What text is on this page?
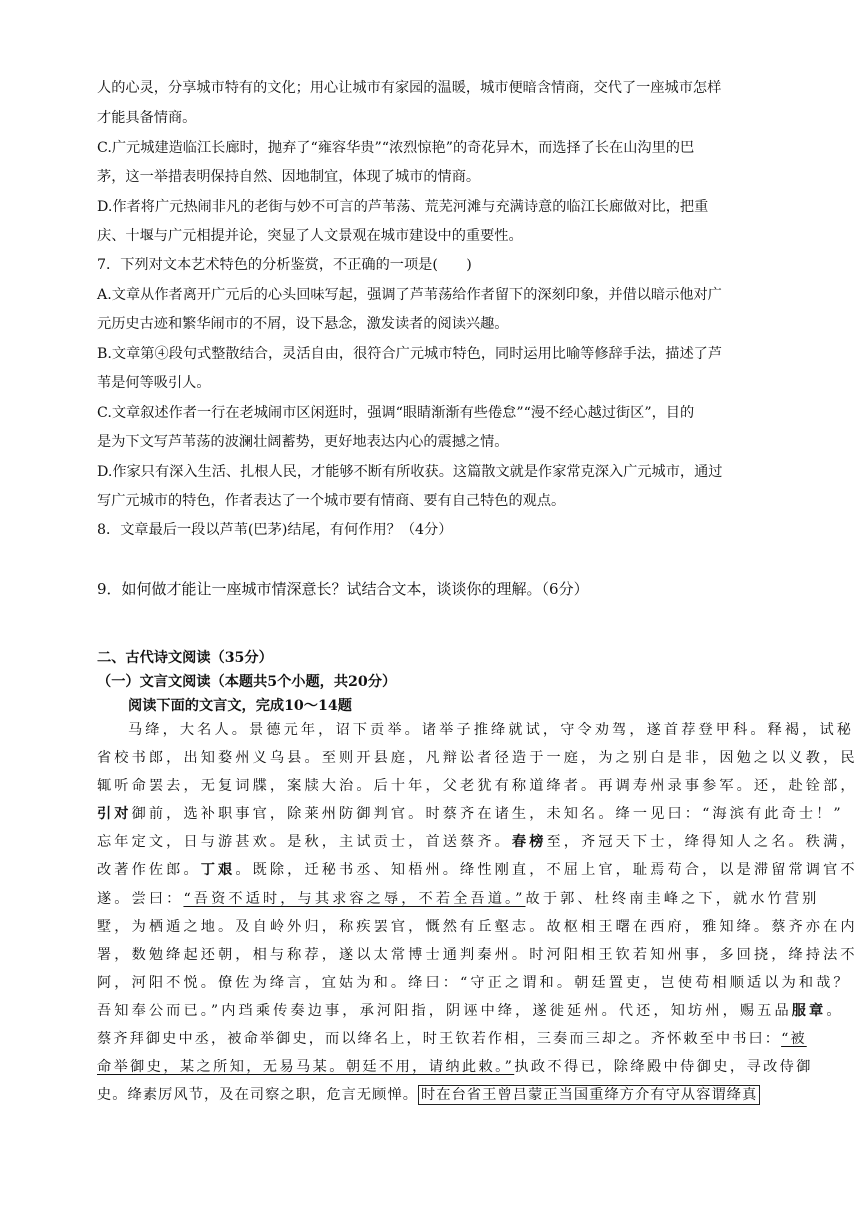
人的心灵，分享城市特有的文化；用心让城市有家园的温暖，城市便暗含情商，交代了一座城市怎样
才能具备情商。
C.广元城建造临江长廊时，抛弃了“雍容华贵”“浓烈惊艳”的奇花异木，而选择了长在山沟里的巴
茅，这一举措表明保持自然、因地制宜，体现了城市的情商。
D.作者将广元热闹非凡的老街与妙不可言的芦苇荡、荒芜河滩与充满诗意的临江长廊做对比，把重
庆、十堰与广元相提并论，突显了人文景观在城市建设中的重要性。
7．下列对文本艺术特色的分析鉴赏，不正确的一项是(　　)
A.文章从作者离开广元后的心头回味写起，强调了芦苇荡给作者留下的深刻印象，并借以暗示他对广
元历史古迹和繁华闹市的不屑，设下悬念，激发读者的阅读兴趣。
B.文章第④段句式整散结合，灵活自由，很符合广元城市特色，同时运用比喻等修辞手法，描述了芦
苇是何等吸引人。
C.文章叙述作者一行在老城闹市区闲逛时，强调“眼睛渐渐有些倦怠”“漫不经心越过街区”，目的
是为下文写芦苇荡的波澜壮阔蓄势，更好地表达内心的震撼之情。
D.作家只有深入生活、扎根人民，才能够不断有所收获。这篇散文就是作家常克深入广元城市，通过
写广元城市的特色，作者表达了一个城市要有情商、要有自己特色的观点。
8．文章最后一段以芦苇(巴茅)结尾，有何作用？（4分）
9．如何做才能让一座城市情深意长？试结合文本，谈谈你的理解。（6分）
二、古代诗文阅读（35分）
（一）文言文阅读（本题共5个小题，共20分）
阅读下面的文言文，完成10～14题
马绛，大名人。景德元年，诏下贡举。诸举子推绛就试，守令劝驾，遂首荐登甲科。释褐，试秘
省校书郎，出知婺州义乌县。至则开县庭，凡辩讼者径造于一庭，为之别白是非，因勉之以义教，民
辄听命罢去，无复词牒，案牍大治。后十年，父老犹有称道绛者。再调寿州录事参军。还，赴铨部，
引对御前，选补职事官，除莱州防御判官。时蔡齐在诸生，未知名。绛一见曰：“海滨有此奇士！”
忘年定文，日与游甚欢。是秋，主试贡士，首送蔡齐。春榜至，齐冠天下士，绛得知人之名。秩满，
改著作佐郎。丁艰。既除，迁秘书丞、知梧州。绛性刚直，不屈上官，耻焉苟合，以是滞留常调官不
遂。尝曰：“吾资不适时，与其求容之辱，不若全吾道。”故于郭、杜终南圭峰之下，就水竹营别
墅，为栖遁之地。及自岭外归，称疾罢官，慨然有丘壑志。故枢相王曙在西府，雅知绛。蔡齐亦在内
署，数勉绛起还朝，相与称荐，遂以太常博士通判秦州。时河阳相王钦若知州事，多回挠，绛持法不
阿，河阳不悦。僚佐为绛言，宜姑为和。绛曰：“守正之谓和。朝廷置吏，岂使苟相顺适以为和哉？
吾知奉公而已。”内珰乘传奏边事，承河阳指，阴诬中绛，遂徙延州。代还，知坊州，赐五品服章。
蔡齐拜御史中丞，被命举御史，而以绛名上，时王钦若作相，三奏而三却之。齐怀敕至中书曰：“被
命举御史，某之所知，无易马某。朝廷不用，请纳此敕。”执政不得已，除绛殿中侍御史，寻改侍御
史。绛素厉风节，及在司察之职，危言无顾惮。 时在台省王曾吕蒙正当国重绛方介有守从容谓绛真
